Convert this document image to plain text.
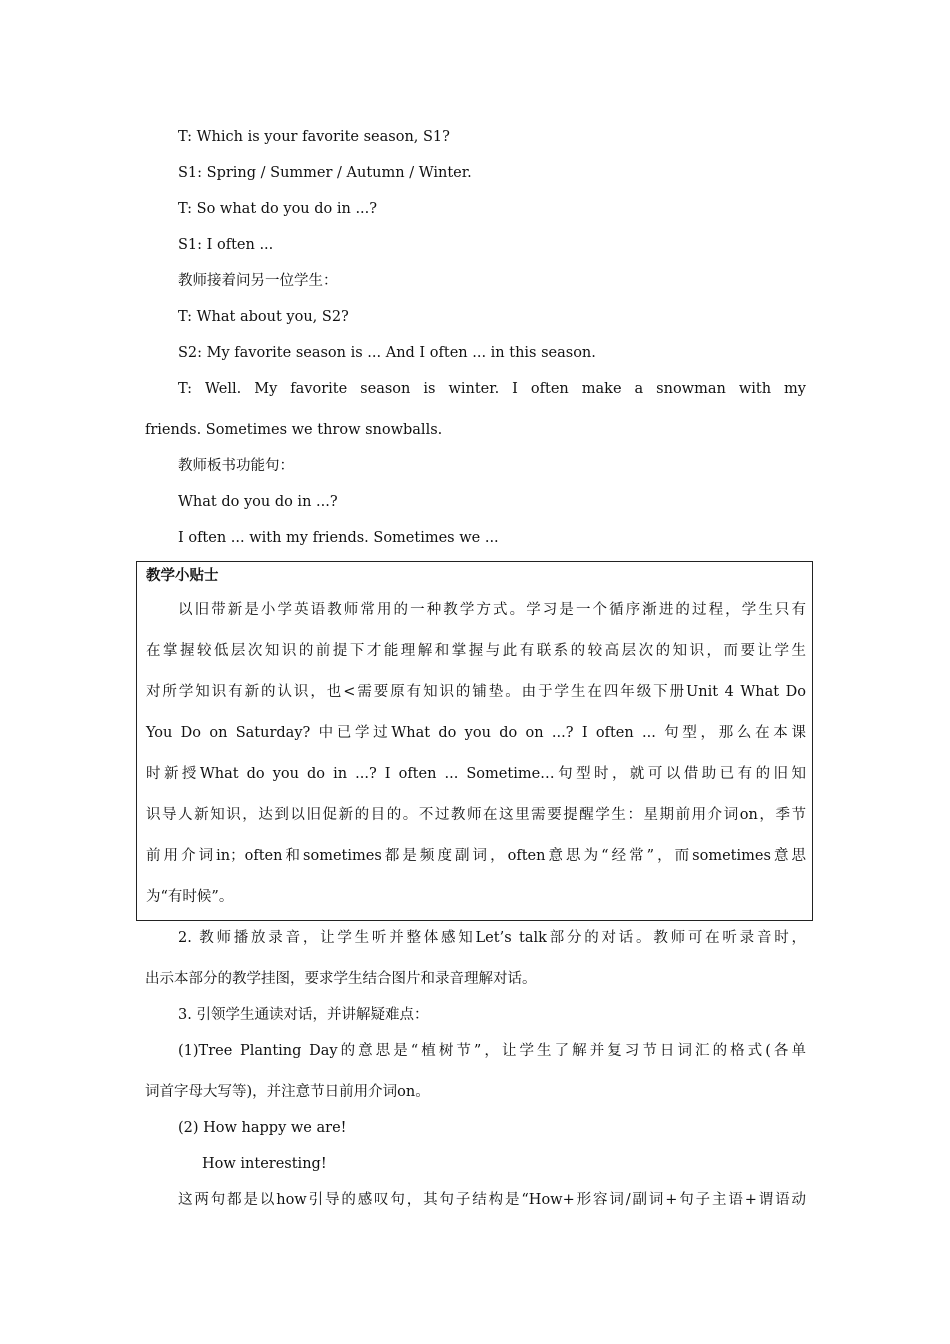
T: Which is your favorite season, S1?
S1: Spring / Summer / Autumn / Winter.
T: So what do you do in ...?
S1: I often ...
教师接着问另一位学生：
T: What about you, S2?
S2: My favorite season is ... And I often ... in this season.
T: Well. My favorite season is winter. I often make a snowman with my
friends. Sometimes we throw snowballs.
教师板书功能句：
What do you do in ...?
I often ... with my friends. Sometimes we ...
教学小贴士
以旧带新是小学英语教师常用的一种教学方式。学习是一个循序渐进的过程，学生只有
在掌握较低层次知识的前提下才能理解和掌握与此有联系的较高层次的知识，而要让学生
对所学知识有新的认识，也<需要原有知识的铺垫。由于学生在四年级下册Unit 4 What Do
You Do on Saturday? 中已学过What do you do on ...? I often ... 句型，那么在本课
时新授What do you do in ...? I often ... Sometime…句型时，就可以借助已有的旧知
识导人新知识，达到以旧促新的目的。不过教师在这里需要提醒学生：星期前用介词on，季节
前用介词in；often和sometimes都是频度副词，often意思为“经常”，而sometimes意思
为“有时候”。
2. 教师播放录音，让学生听并整体感知Let’s talk部分的对话。教师可在听录音时，
出示本部分的教学挂图，要求学生结合图片和录音理解对话。
3. 引领学生通读对话，并讲解疑难点：
(1)Tree Planting Day的意思是“植树节”，让学生了解并复习节日词汇的格式(各单
词首字母大写等)，并注意节日前用介词on。
(2) How happy we are!
How interesting!
这两句都是以how引导的感叹句，其句子结构是“How+形容词/副词+句子主语+谓语动
